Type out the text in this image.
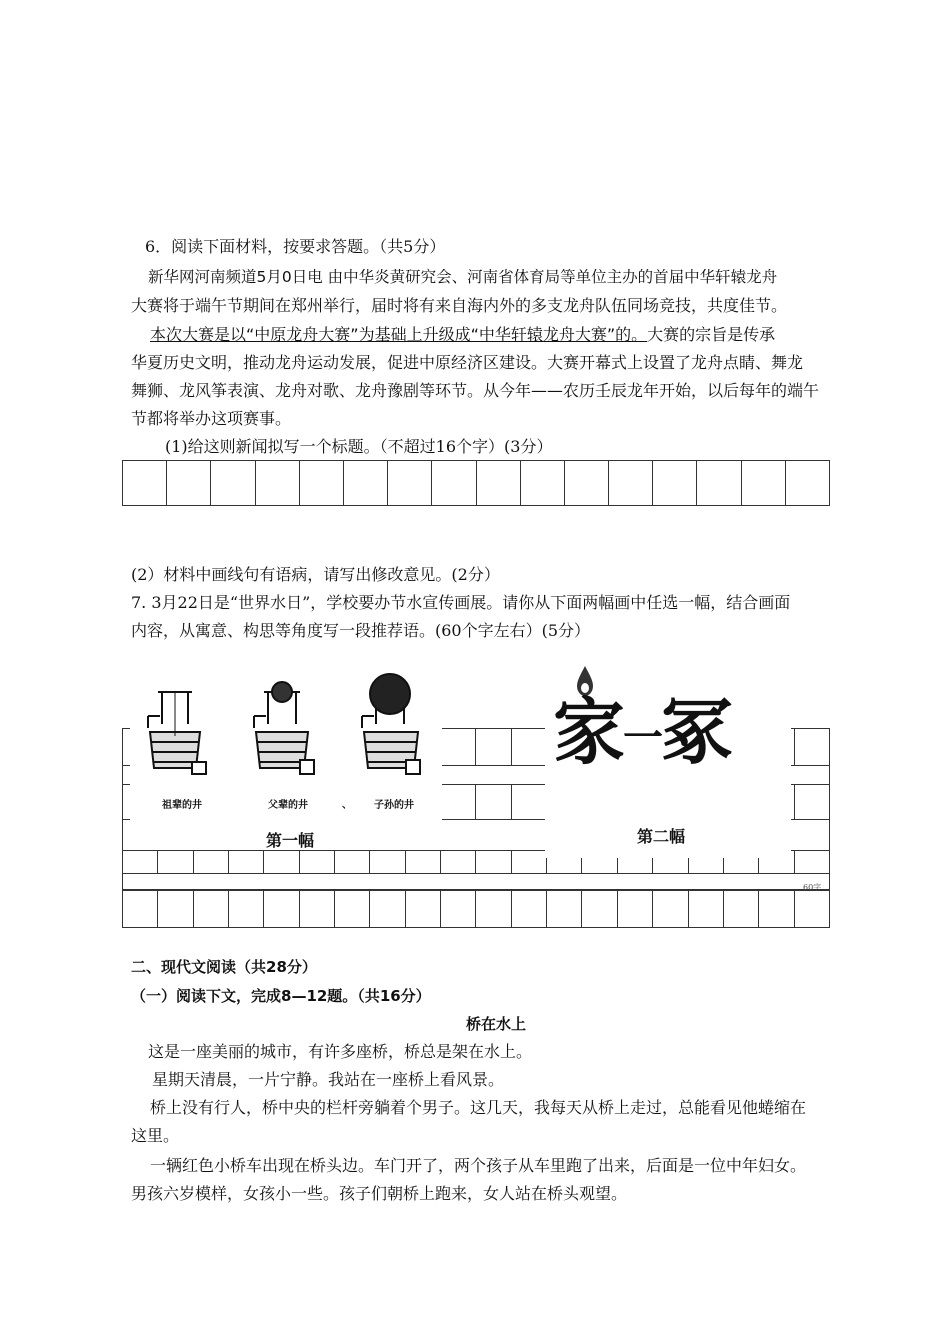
6．阅读下面材料，按要求答题。（共5分）
新华网河南频道5月0日电 由中华炎黄研究会、河南省体育局等单位主办的首届中华轩辕龙舟
大赛将于端午节期间在郑州举行，届时将有来自海内外的多支龙舟队伍同场竞技，共度佳节。
本次大赛是以“中原龙舟大赛”为基础上升级成“中华轩辕龙舟大赛”的。大赛的宗旨是传承
华夏历史文明，推动龙舟运动发展，促进中原经济区建设。大赛开幕式上设置了龙舟点睛、舞龙
舞狮、龙风筝表演、龙舟对歌、龙舟豫剧等环节。从今年——农历壬辰龙年开始，以后每年的端午
节都将举办这项赛事。
(1)给这则新闻拟写一个标题。（不超过16个字）(3分）
(2）材料中画线句有语病，请写出修改意见。(2分）
7. 3月22日是“世界水日”，学校要办节水宣传画展。请你从下面两幅画中任选一幅，结合画面
内容，从寓意、构思等角度写一段推荐语。(60个字左右）(5分）
60字
祖辈的井	父辈的井	、 子孙的井
第一幅
家一冢
第二幅
二、现代文阅读（共28分）
（一）阅读下文，完成8—12题。（共16分）
桥在水上
这是一座美丽的城市，有许多座桥，桥总是架在水上。
星期天清晨，一片宁静。我站在一座桥上看风景。
桥上没有行人，桥中央的栏杆旁躺着个男子。这几天，我每天从桥上走过，总能看见他蜷缩在
这里。
一辆红色小桥车出现在桥头边。车门开了，两个孩子从车里跑了出来，后面是一位中年妇女。
男孩六岁模样，女孩小一些。孩子们朝桥上跑来，女人站在桥头观望。
